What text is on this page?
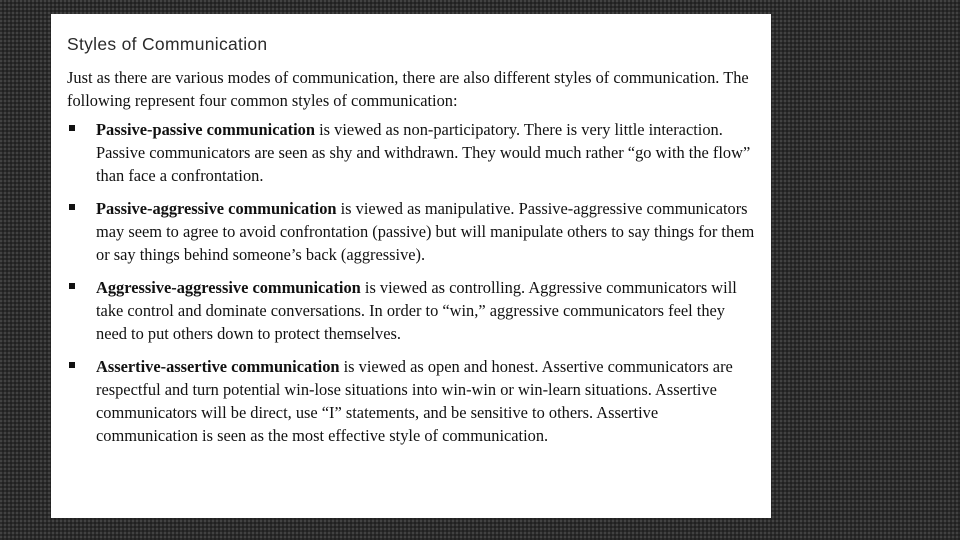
Styles of Communication

Just as there are various modes of communication, there are also different styles of communication. The following represent four common styles of communication:

Passive-passive communication is viewed as non-participatory. There is very little interaction. Passive communicators are seen as shy and withdrawn. They would much rather “go with the flow” than face a confrontation.
Passive-aggressive communication is viewed as manipulative. Passive-aggressive communicators may seem to agree to avoid confrontation (passive) but will manipulate others to say things for them or say things behind someone’s back (aggressive).
Aggressive-aggressive communication is viewed as controlling. Aggressive communicators will take control and dominate conversations. In order to “win,” aggressive communicators feel they need to put others down to protect themselves.
Assertive-assertive communication is viewed as open and honest. Assertive communicators are respectful and turn potential win-lose situations into win-win or win-learn situations. Assertive communicators will be direct, use “I” statements, and be sensitive to others. Assertive communication is seen as the most effective style of communication.
